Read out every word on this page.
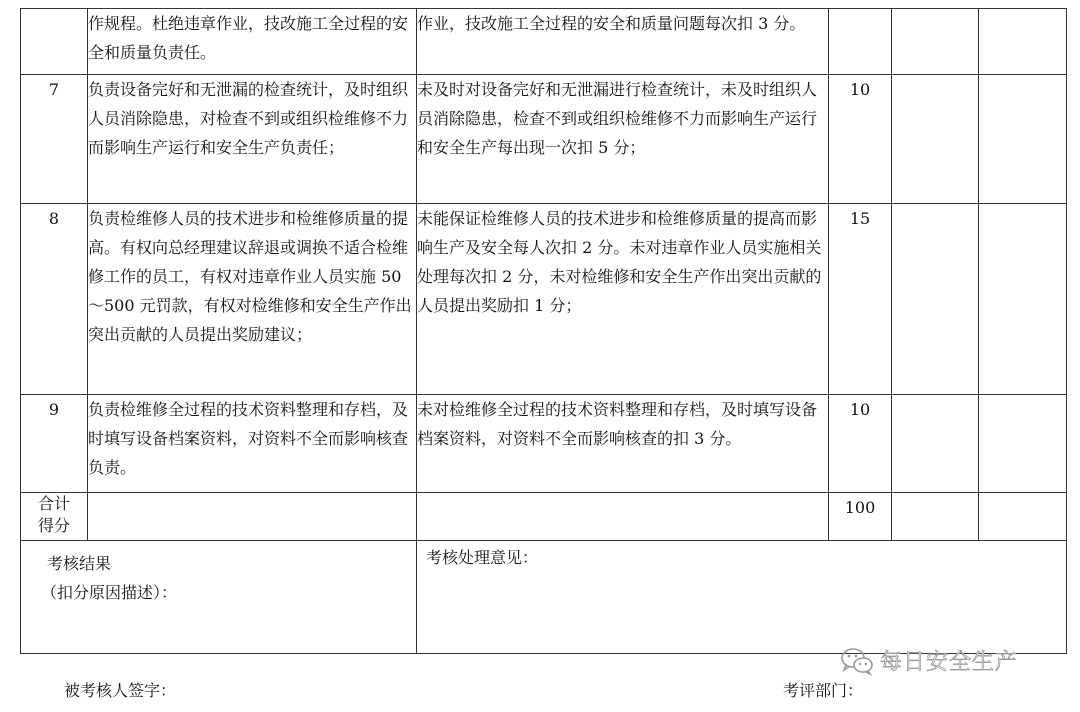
	作规程。杜绝违章作业，技改施工全过程的安全和质量负责任。	作业，技改施工全过程的安全和质量问题每次扣 3 分。			
7	负责设备完好和无泄漏的检查统计，及时组织人员消除隐患，对检查不到或组织检维修不力而影响生产运行和安全生产负责任；	未及时对设备完好和无泄漏进行检查统计，未及时组织人员消除隐患，检查不到或组织检维修不力而影响生产运行和安全生产每出现一次扣 5 分；	10		
8	负责检维修人员的技术进步和检维修质量的提高。有权向总经理建议辞退或调换不适合检维修工作的员工，有权对违章作业人员实施 50～500 元罚款，有权对检维修和安全生产作出突出贡献的人员提出奖励建议；	未能保证检维修人员的技术进步和检维修质量的提高而影响生产及安全每人次扣 2 分。未对违章作业人员实施相关处理每次扣 2 分，未对检维修和安全生产作出突出贡献的人员提出奖励扣 1 分；	15		
9	负责检维修全过程的技术资料整理和存档，及时填写设备档案资料，对资料不全而影响核查负责。	未对检维修全过程的技术资料整理和存档，及时填写设备档案资料，对资料不全而影响核查的扣 3 分。	10		

合计
得分			100		

考核结果
（扣分原因描述）：		考核处理意见：			
被考核人签字：	考评部门：
每日安全生产
